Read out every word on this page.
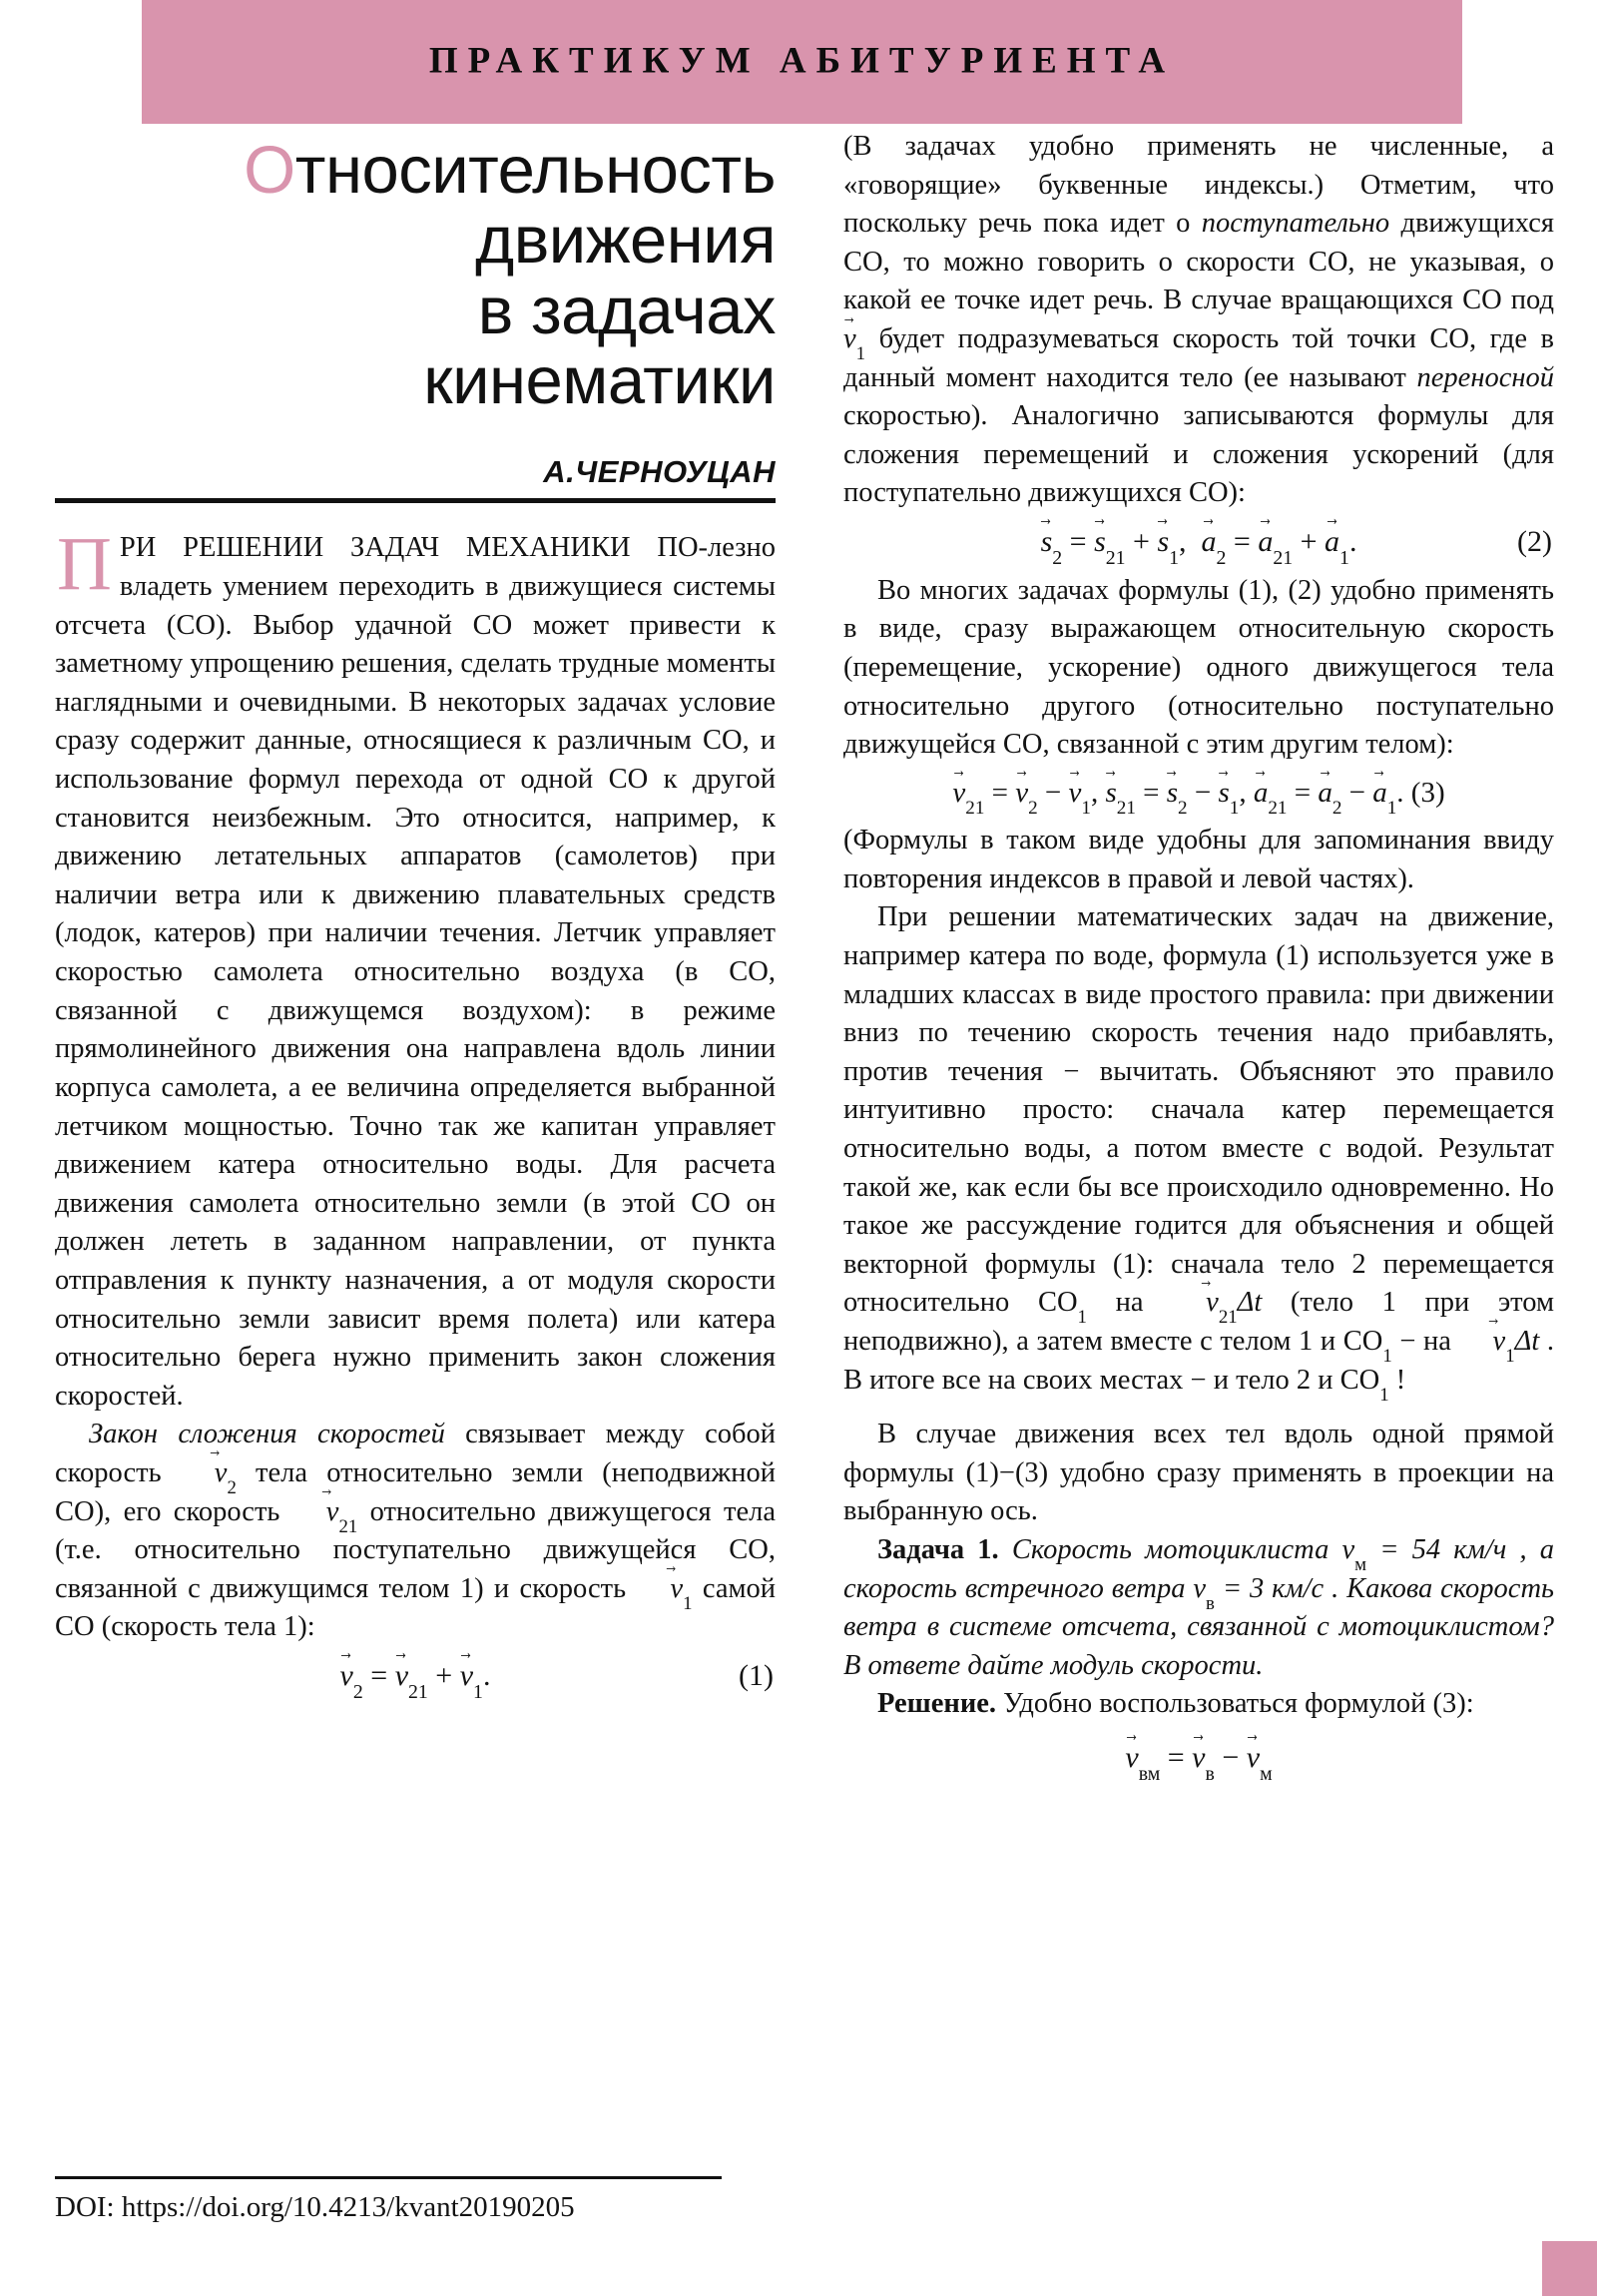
ПРАКТИКУМ АБИТУРИЕНТА
Относительность
движения
в задачах
кинематики
А.ЧЕРНОУЦАН

ПРИ РЕШЕНИИ ЗАДАЧ МЕХАНИКИ ПО-лезно владеть умением переходить в движущиеся системы отсчета (СО). Выбор удачной СО может привести к заметному упрощению решения, сделать трудные моменты наглядными и очевидными. В некоторых задачах условие сразу содержит данные, относящиеся к различным СО, и использование формул перехода от одной СО к другой становится неизбежным. Это относится, например, к движению летательных аппаратов (самолетов) при наличии ветра или к движению плавательных средств (лодок, катеров) при наличии течения. Летчик управляет скоростью самолета относительно воздуха (в СО, связанной с движущемся воздухом): в режиме прямолинейного движения она направлена вдоль линии корпуса самолета, а ее величина определяется выбранной летчиком мощностью. Точно так же капитан управляет движением катера относительно воды. Для расчета движения самолета относительно земли (в этой СО он должен лететь в заданном направлении, от пункта отправления к пункту назначения, а от модуля скорости относительно земли зависит время полета) или катера относительно берега нужно применить закон сложения скоростей.

Закон сложения скоростей связывает между собой скорость $v \to_2$ тела относительно земли (неподвижной СО), его скорость $v \to_{21}$ относительно движущегося тела (т.е. относительно поступательно движущейся СО, связанной с движущимся телом 1) и скорость $v \to_1$ самой СО (скорость тела 1):

$v \to_2 = v \to_{21} + v \to_1$.	(1)

(В задачах удобно применять не численные, а «говорящие» буквенные индексы.) Отметим, что поскольку речь пока идет о поступательно движущихся СО, то можно говорить о скорости СО, не указывая, о какой ее точке идет речь. В случае вращающихся СО под $v \to_1$ будет подразумеваться скорость той точки СО, где в данный момент находится тело (ее называют переносной скоростью). Аналогично записываются формулы для сложения перемещений и сложения ускорений (для поступательно движущихся СО):

$s \to_2 = s \to_{21} + s \to_1$, $a \to_2 = a \to_{21} + a \to_1$.	(2)

Во многих задачах формулы (1), (2) удобно применять в виде, сразу выражающем относительную скорость (перемещение, ускорение) одного движущегося тела относительно другого (относительно поступательно движущейся СО, связанной с этим другим телом):

$v \to_{21} = v \to_2 - v \to_1$, $s \to_{21} = s \to_2 - s \to_1$, $a \to_{21} = a \to_2 - a \to_1$. (3)

(Формулы в таком виде удобны для запоминания ввиду повторения индексов в правой и левой частях).

При решении математических задач на движение, например катера по воде, формула (1) используется уже в младших классах в виде простого правила: при движении вниз по течению скорость течения надо прибавлять, против течения − вычитать. Объясняют это правило интуитивно просто: сначала катер перемещается относительно воды, а потом вместе с водой. Результат такой же, как если бы все происходило одновременно. Но такое же рассуждение годится для объяснения и общей векторной формулы (1): сначала тело 2 перемещается относительно $СО_1$ на $v \to_{21}\Delta t$ (тело 1 при этом неподвижно), а затем вместе с телом 1 и $СО_1$ − на $v \to_1\Delta t$ . В итоге все на своих местах − и тело 2 и $СО_1$ !

В случае движения всех тел вдоль одной прямой формулы (1)−(3) удобно сразу применять в проекции на выбранную ось.

Задача 1. Скорость мотоциклиста $v_м = 54$ км/ч , а скорость встречного ветра $v_в = 3$ км/с . Какова скорость ветра в системе отсчета, связанной с мотоциклистом? В ответе дайте модуль скорости.

Решение. Удобно воспользоваться формулой (3):

$v \to_{вм} = v \to_в - v \to_м$
DOI: https://doi.org/10.4213/kvant20190205
